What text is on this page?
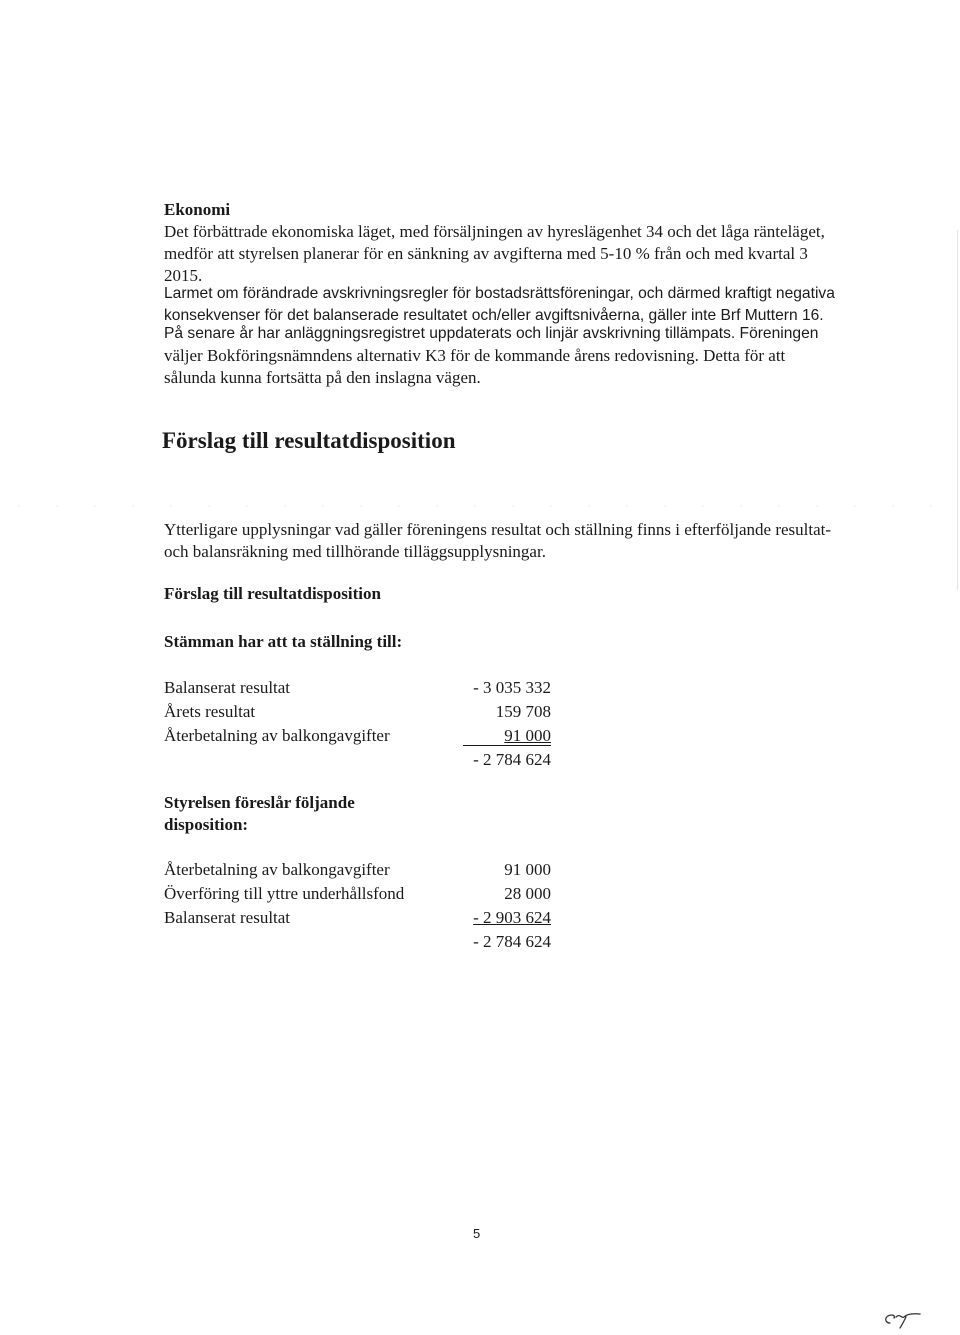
Ekonomi
Det förbättrade ekonomiska läget, med försäljningen av hyreslägenhet 34 och det låga ränteläget,
medför att styrelsen planerar för en sänkning av avgifterna med 5-10 % från och med kvartal 3
2015.
Larmet om förändrade avskrivningsregler för bostadsrättsföreningar, och därmed kraftigt negativa
konsekvenser för det balanserade resultatet och/eller avgiftsnivåerna, gäller inte Brf Muttern 16.
På senare år har anläggningsregistret uppdaterats och linjär avskrivning tillämpats. Föreningen
väljer Bokföringsnämndens alternativ K3 för de kommande årens redovisning. Detta för att
sålunda kunna fortsätta på den inslagna vägen.
Förslag till resultatdisposition
Ytterligare upplysningar vad gäller föreningens resultat och ställning finns i efterföljande resultat-
och balansräkning med tillhörande tilläggsupplysningar.
Förslag till resultatdisposition
Stämman har att ta ställning till:
Balanserat resultat	- 3 035 332
Årets resultat	159 708
Återbetalning av balkongavgifter	91 000
- 2 784 624
Styrelsen föreslår följande
disposition:
Återbetalning av balkongavgifter	91 000
Överföring till yttre underhållsfond	28 000
Balanserat resultat	- 2 903 624
- 2 784 624
5
